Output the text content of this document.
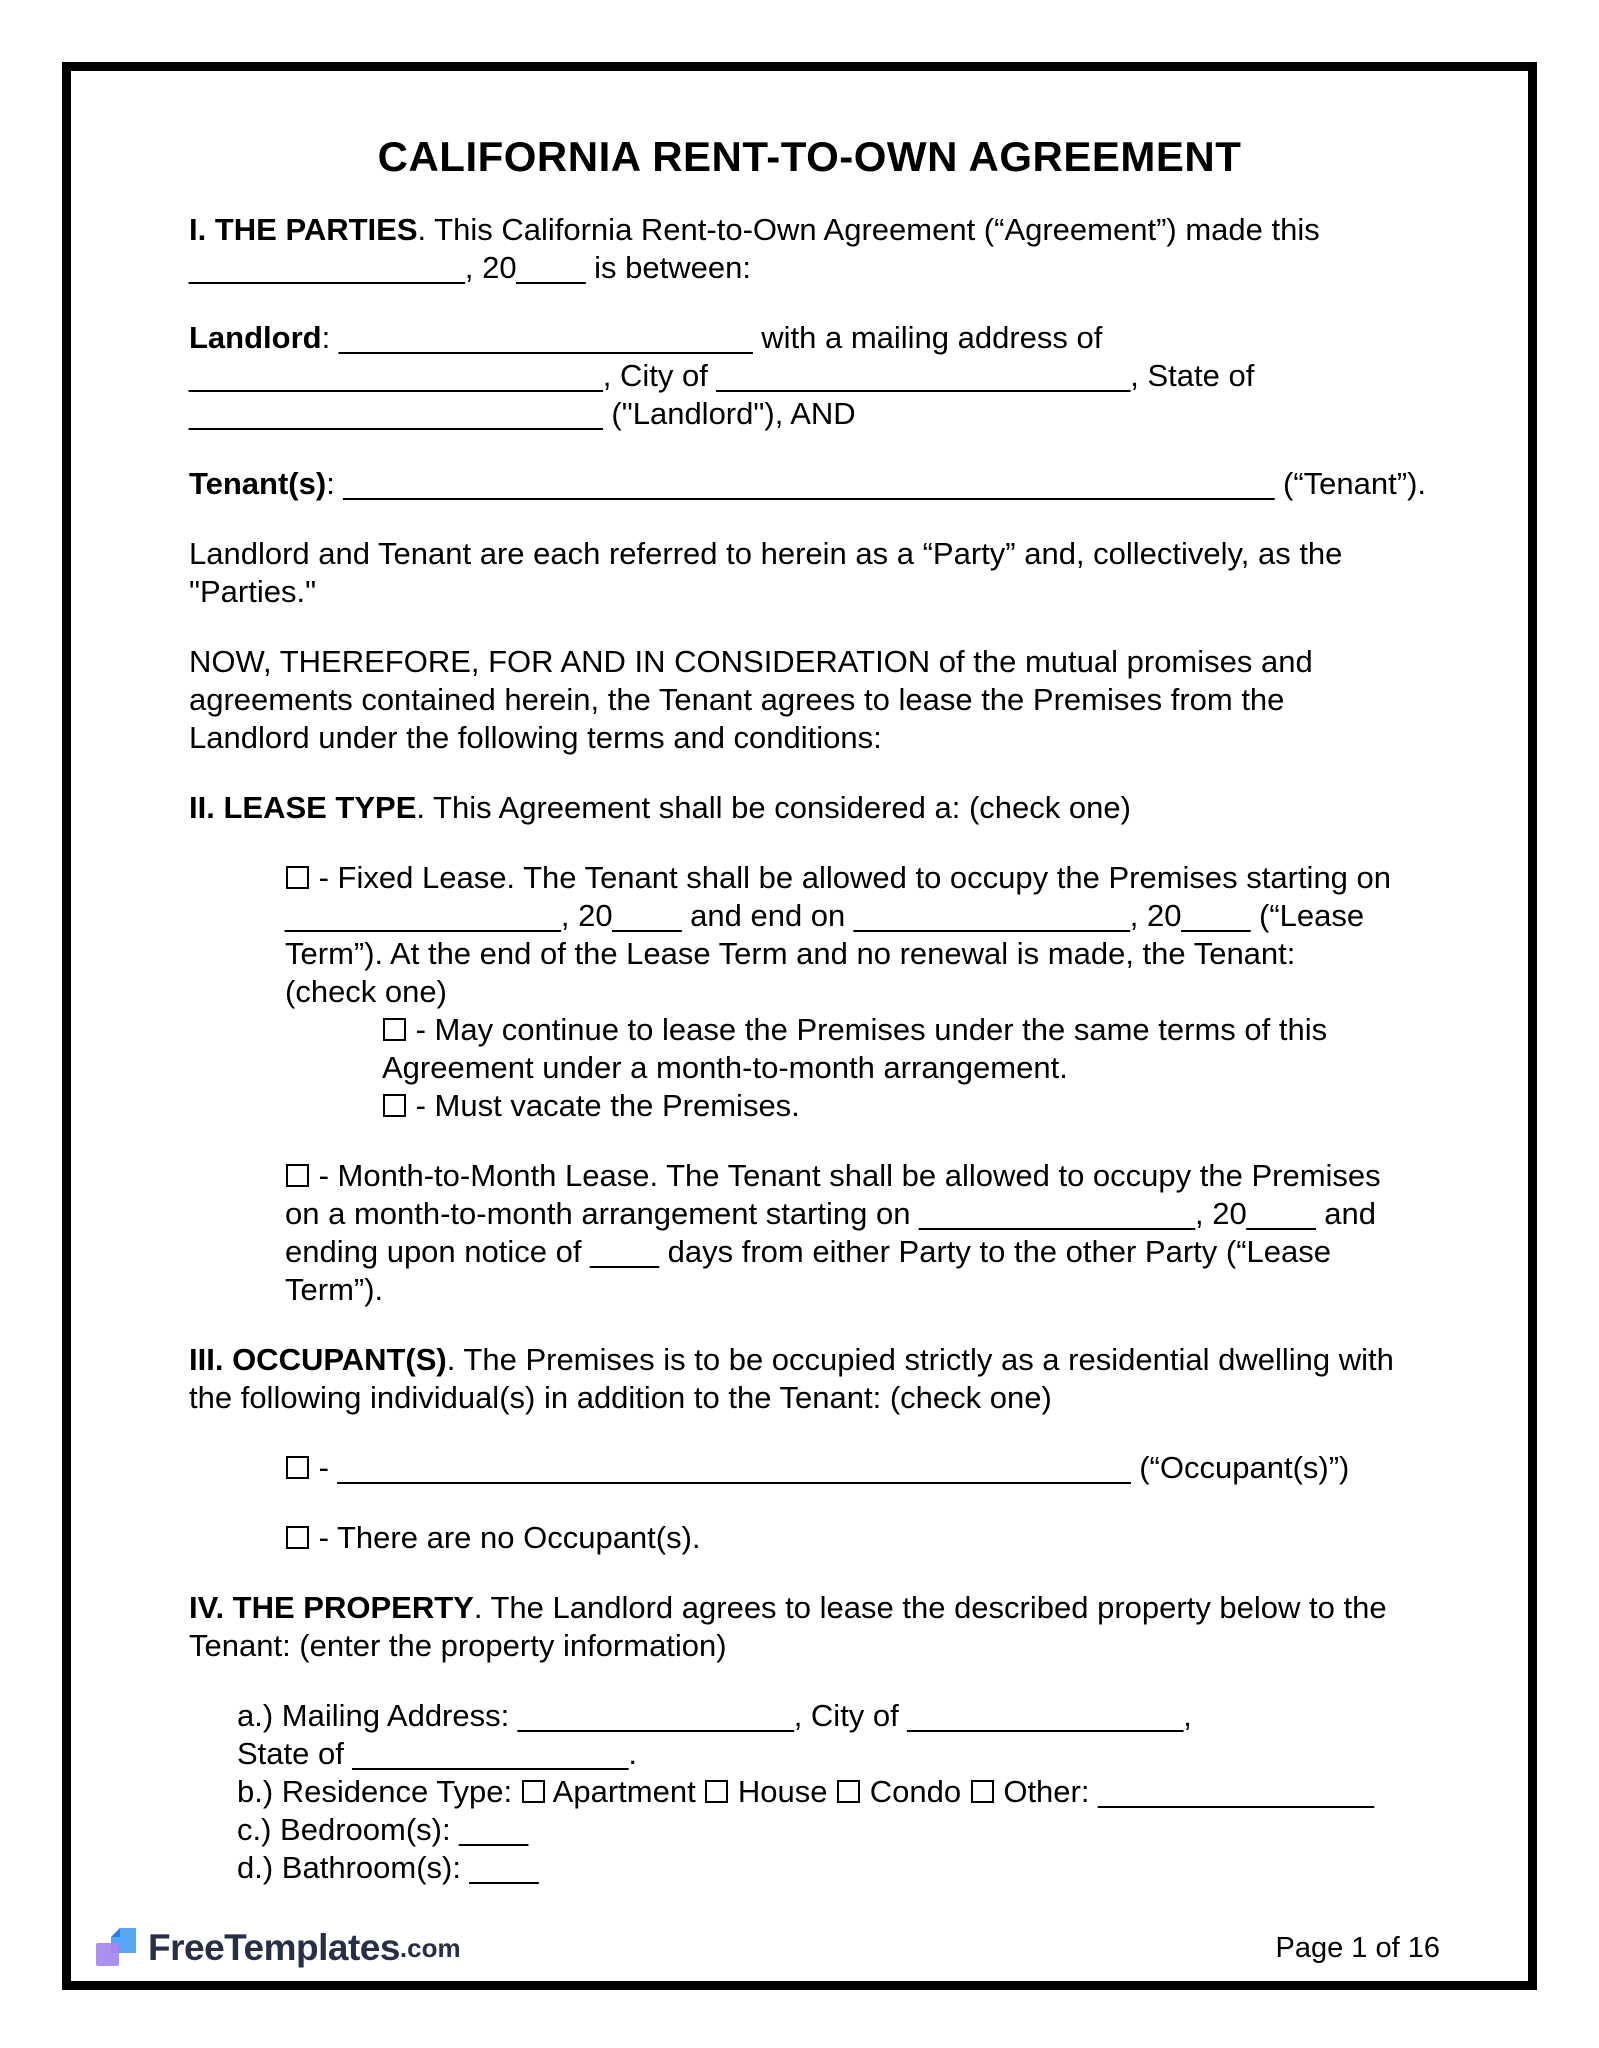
CALIFORNIA RENT-TO-OWN AGREEMENT
I. THE PARTIES. This California Rent-to-Own Agreement (“Agreement”) made this
________________, 20____ is between:
Landlord: ________________________ with a mailing address of
________________________, City of ________________________, State of
________________________ ("Landlord"), AND
Tenant(s): ______________________________________________________ (“Tenant”).
Landlord and Tenant are each referred to herein as a “Party” and, collectively, as the
"Parties."
NOW, THEREFORE, FOR AND IN CONSIDERATION of the mutual promises and
agreements contained herein, the Tenant agrees to lease the Premises from the
Landlord under the following terms and conditions:
II. LEASE TYPE. This Agreement shall be considered a: (check one)
- Fixed Lease. The Tenant shall be allowed to occupy the Premises starting on
________________, 20____ and end on ________________, 20____ (“Lease
Term”). At the end of the Lease Term and no renewal is made, the Tenant:
(check one)
- May continue to lease the Premises under the same terms of this
Agreement under a month-to-month arrangement.
- Must vacate the Premises.
- Month-to-Month Lease. The Tenant shall be allowed to occupy the Premises
on a month-to-month arrangement starting on ________________, 20____ and
ending upon notice of ____ days from either Party to the other Party (“Lease
Term”).
III. OCCUPANT(S). The Premises is to be occupied strictly as a residential dwelling with
the following individual(s) in addition to the Tenant: (check one)
- ______________________________________________ (“Occupant(s)”)
- There are no Occupant(s).
IV. THE PROPERTY. The Landlord agrees to lease the described property below to the
Tenant: (enter the property information)
a.) Mailing Address: ________________, City of ________________,
State of ________________.
b.) Residence Type:  Apartment  House  Condo  Other: ________________
c.) Bedroom(s): ____
d.) Bathroom(s): ____
FreeTemplates .com	Page 1 of 16
